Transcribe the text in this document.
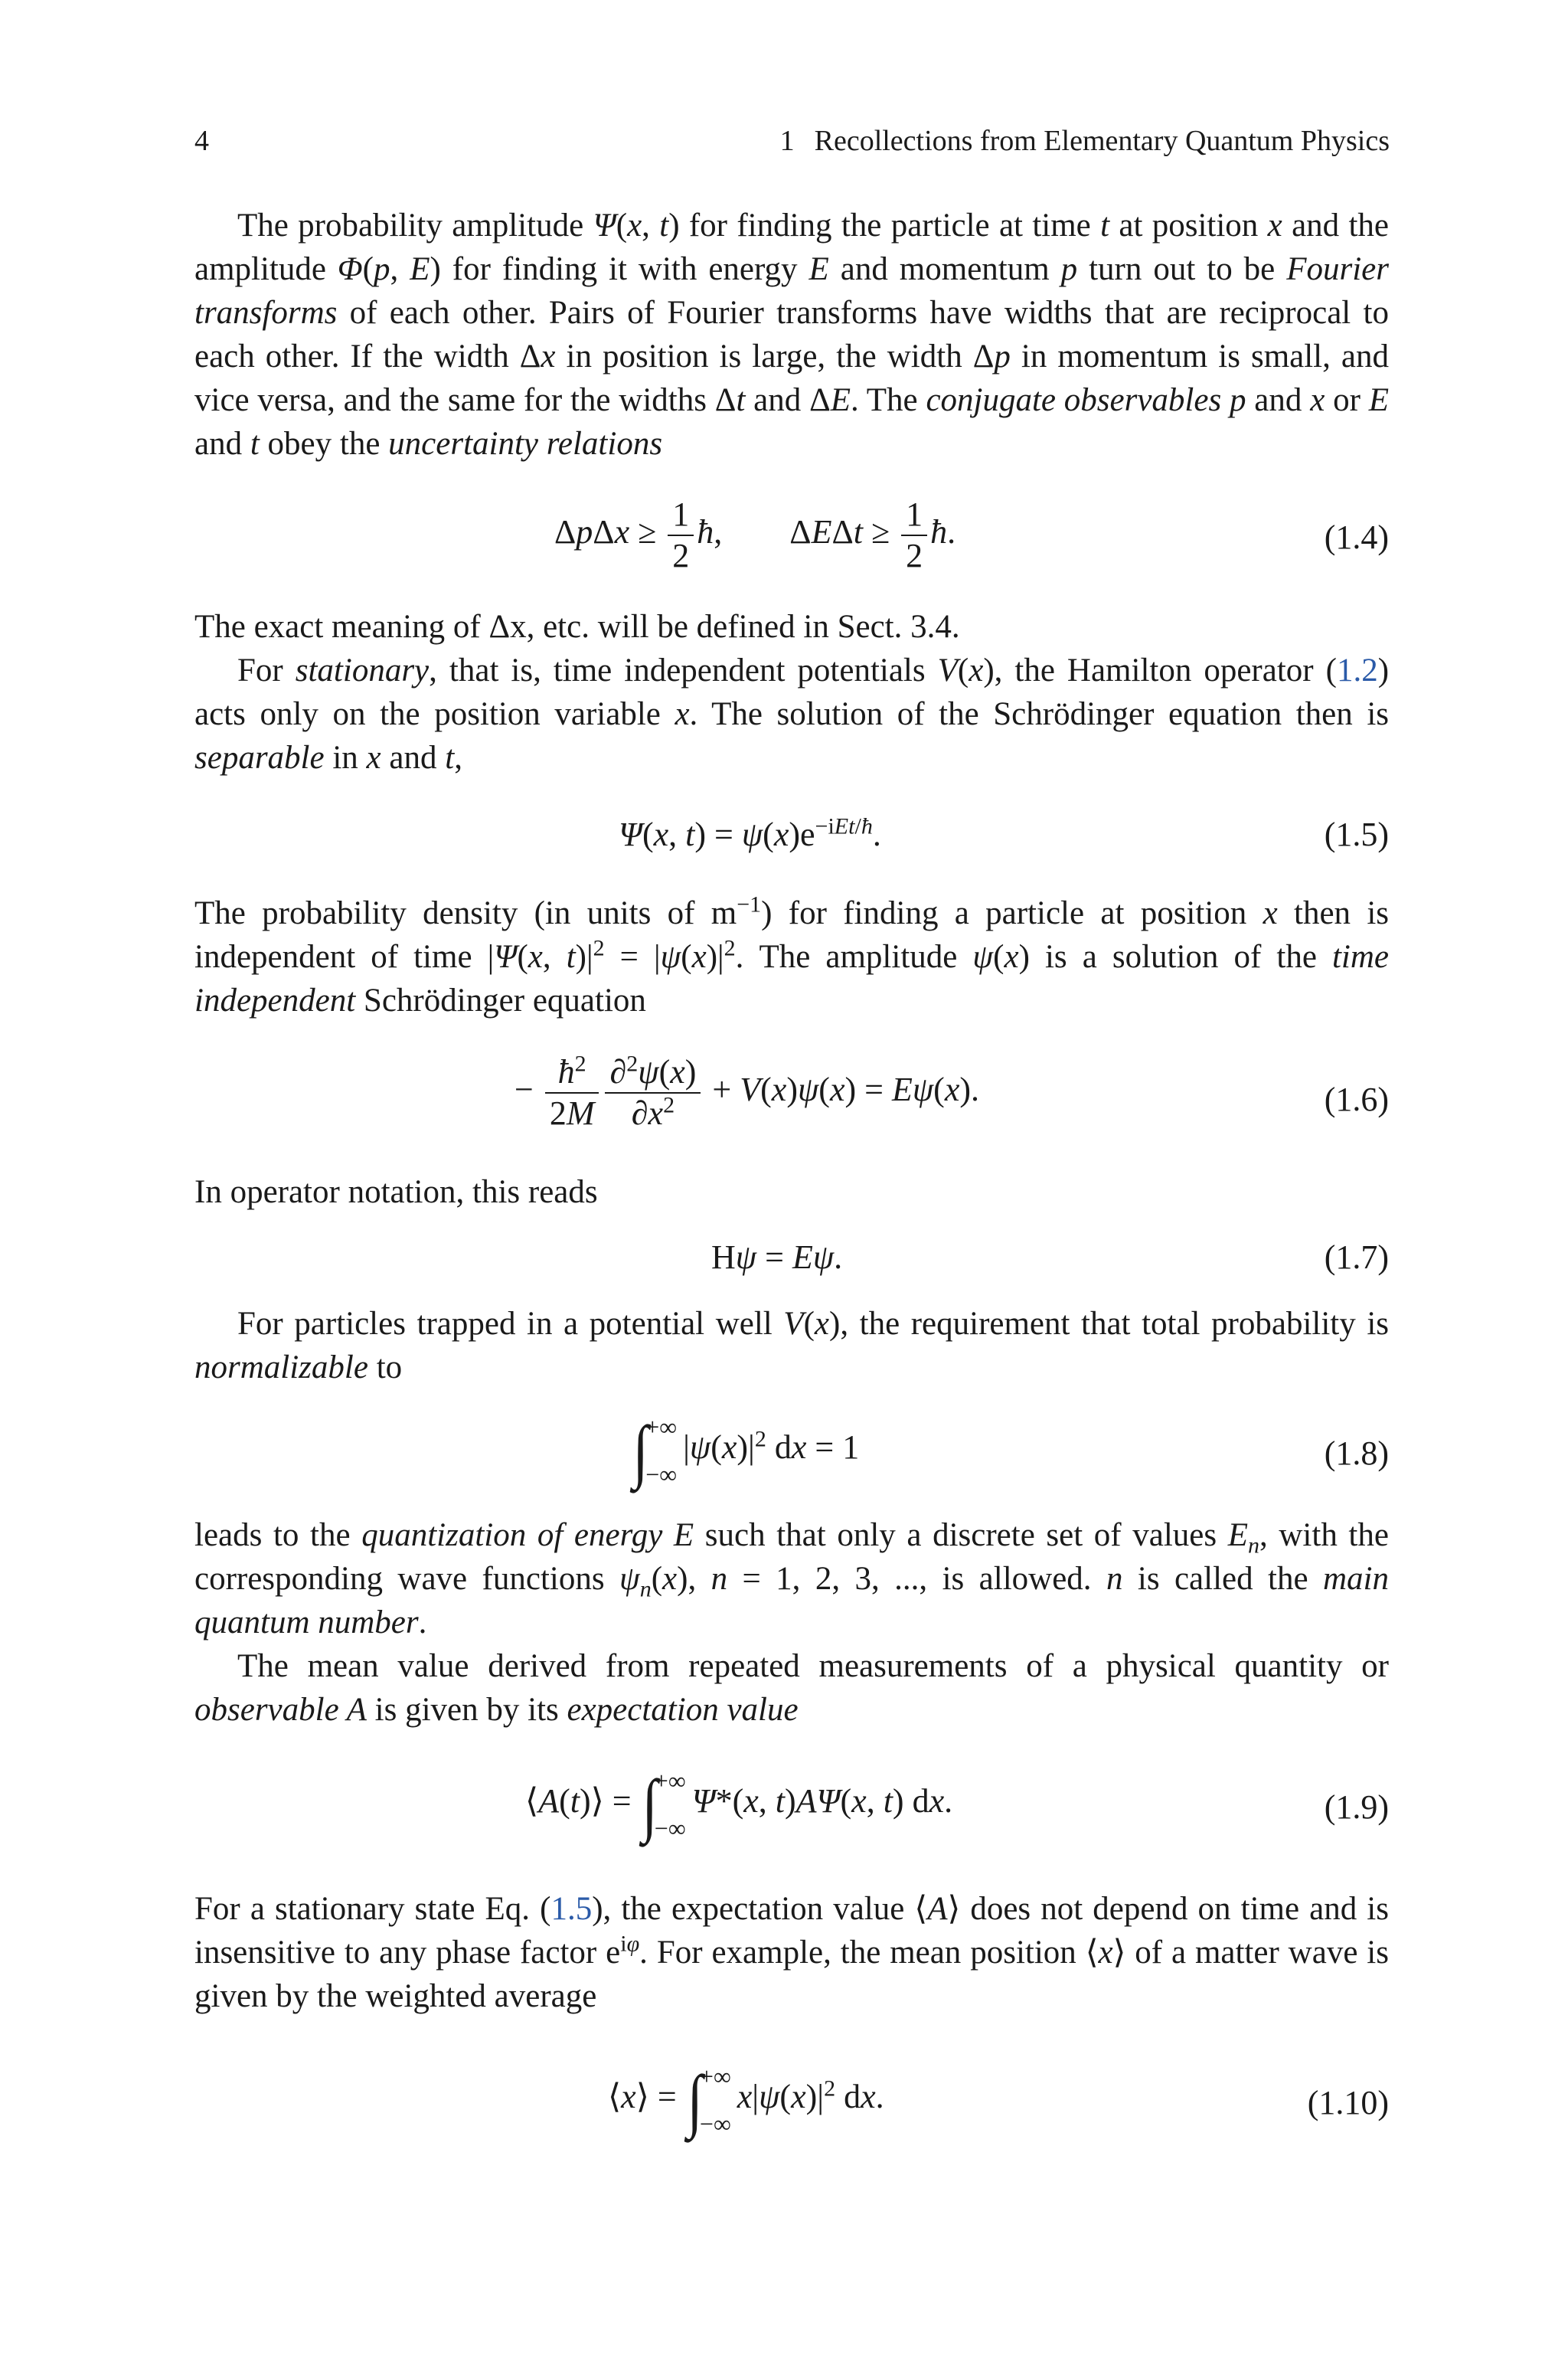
4	1 Recollections from Elementary Quantum Physics

The probability amplitude Ψ(x, t) for finding the particle at time t at position x and the amplitude Φ(p, E) for finding it with energy E and momentum p turn out to be Fourier transforms of each other. Pairs of Fourier transforms have widths that are reciprocal to each other. If the width Δx in position is large, the width Δp in momentum is small, and vice versa, and the same for the widths Δt and ΔE. The conjugate observables p and x or E and t obey the uncertainty relations

$\Delta p\Delta x \ge \frac{1}{2}$ ħ,        $\Delta E\Delta t \ge \frac{1}{2}$ ħ.	(1.4)

The exact meaning of Δx, etc. will be defined in Sect. 3.4.

For stationary, that is, time independent potentials V(x), the Hamilton operator (1.2) acts only on the position variable x. The solution of the Schrödinger equation then is separable in x and t,

Ψ(x, $t) = \psi(x)e^{-iEt/ħ}$.	(1.5)

The probability density (in units of $m^{-1}$) for finding a particle at position x then is independent of time |Ψ(x, $t)|^2 = |\psi(x)|^2$. The amplitude ψ(x) is a solution of the time independent Schrödinger equation

− $\frac{ħ^2}{2M} \frac{\partial^2\psi(x)}{\partial x^2} + V(x)\psi(x) = E\psi(x)$.	(1.6)

In operator notation, this reads

Hψ = Eψ.	(1.7)

For particles trapped in a potential well V(x), the requirement that total probability is normalizable to

∫
+∞
−∞
$|\psi(x)|^2$ dx = 1	(1.8)

leads to the quantization of energy E such that only a discrete set of values $E_n$, with the corresponding wave functions $\psi_n(x)$, n = 1, 2, 3, ..., is allowed. n is called the main quantum number.

The mean value derived from repeated measurements of a physical quantity or observable A is given by its expectation value

⟨A(t)⟩ = ∫
+∞
−∞
Ψ*(x, t)AΨ(x, t) dx.	(1.9)

For a stationary state Eq. (1.5), the expectation value ⟨A⟩ does not depend on time and is insensitive to any phase factor $e^{i\varphi}$. For example, the mean position ⟨x⟩ of a matter wave is given by the weighted average

⟨x⟩ = ∫
+∞
−∞
$x|\psi(x)|^2$ dx.	(1.10)
